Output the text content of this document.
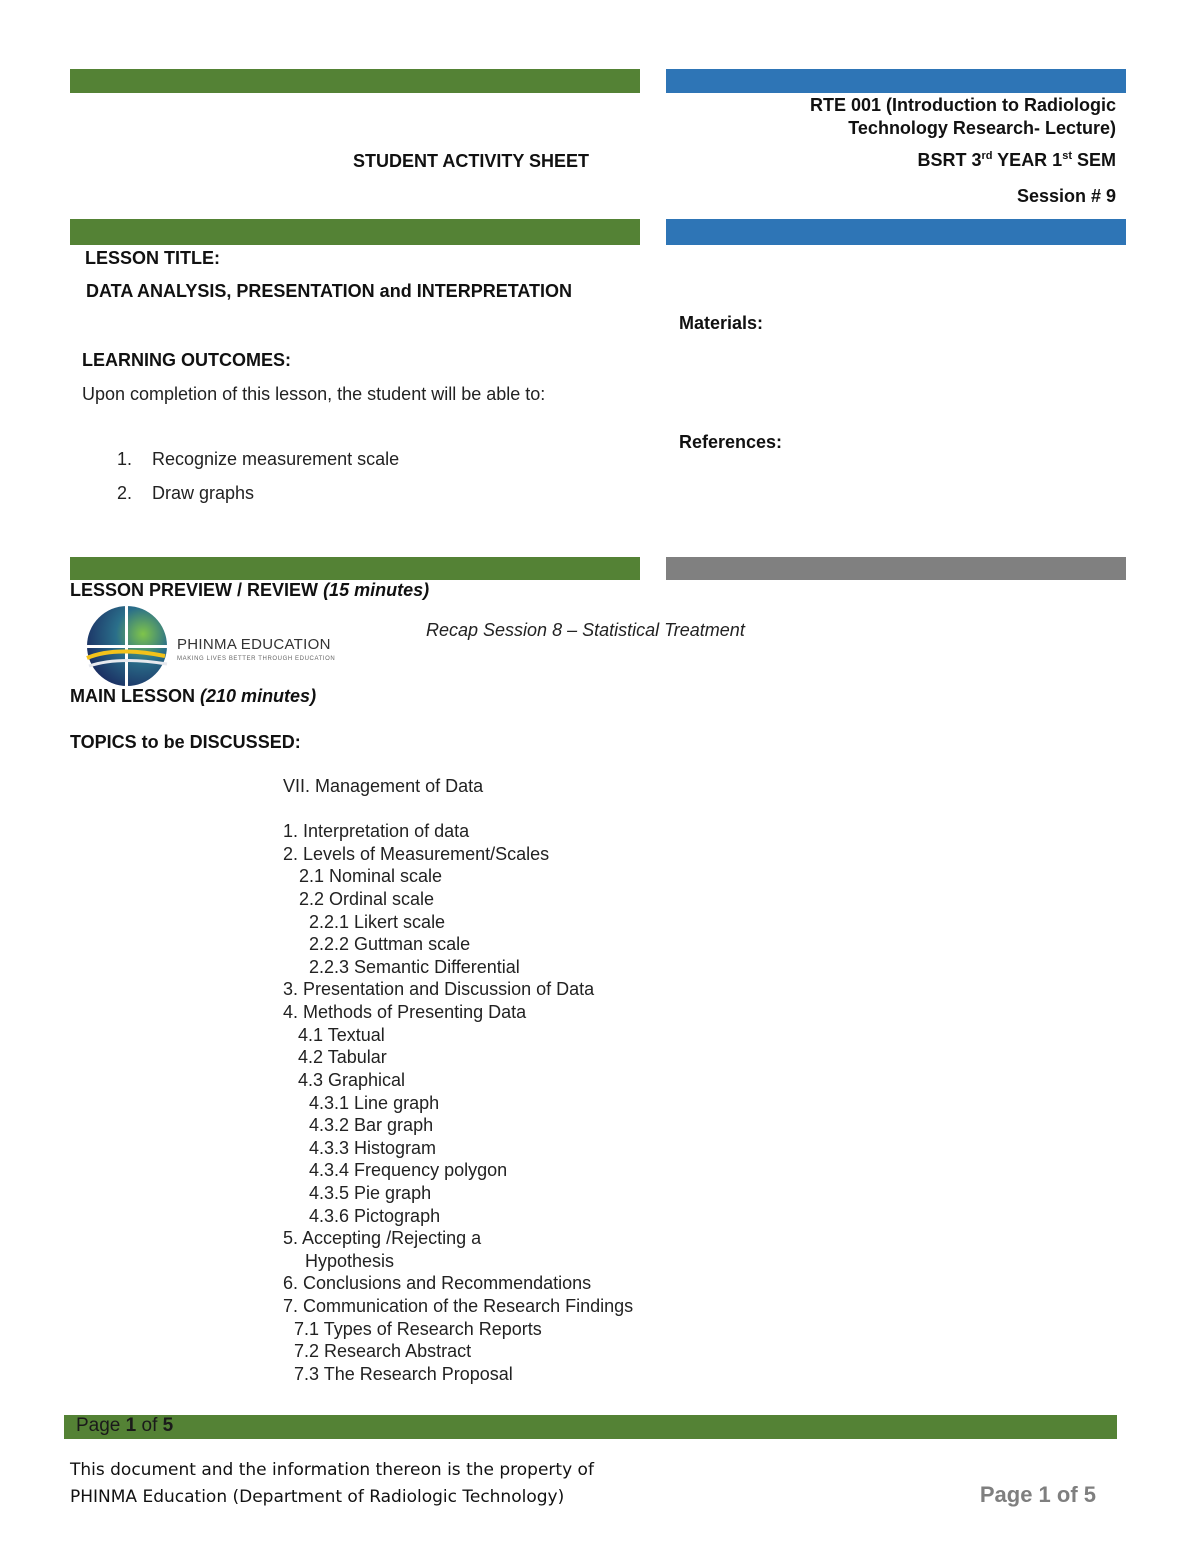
STUDENT ACTIVITY SHEET
RTE 001 (Introduction to Radiologic
Technology Research- Lecture)
BSRT 3rd YEAR 1st SEM
Session # 9
LESSON TITLE:
DATA ANALYSIS, PRESENTATION and INTERPRETATION
LEARNING OUTCOMES:
Upon completion of this lesson, the student will be able to:
1. Recognize measurement scale
2. Draw graphs
Materials:
References:
LESSON PREVIEW / REVIEW (15 minutes)
Recap Session 8 – Statistical Treatment
PHINMA EDUCATION
MAKING LIVES BETTER THROUGH EDUCATION
MAIN LESSON (210 minutes)
TOPICS to be DISCUSSED:
VII. Management of Data
1. Interpretation of data
2. Levels of Measurement/Scales
2.1 Nominal scale
2.2 Ordinal scale
2.2.1 Likert scale
2.2.2 Guttman scale
2.2.3 Semantic Differential
3. Presentation and Discussion of Data
4. Methods of Presenting Data
4.1 Textual
4.2 Tabular
4.3 Graphical
4.3.1 Line graph
4.3.2 Bar graph
4.3.3 Histogram
4.3.4 Frequency polygon
4.3.5 Pie graph
4.3.6 Pictograph
5. Accepting /Rejecting a
Hypothesis
6. Conclusions and Recommendations
7. Communication of the Research Findings
7.1 Types of Research Reports
7.2 Research Abstract
7.3 The Research Proposal
Page 1 of 5
This document and the information thereon is the property of
PHINMA Education (Department of Radiologic Technology)	Page 1 of 5
